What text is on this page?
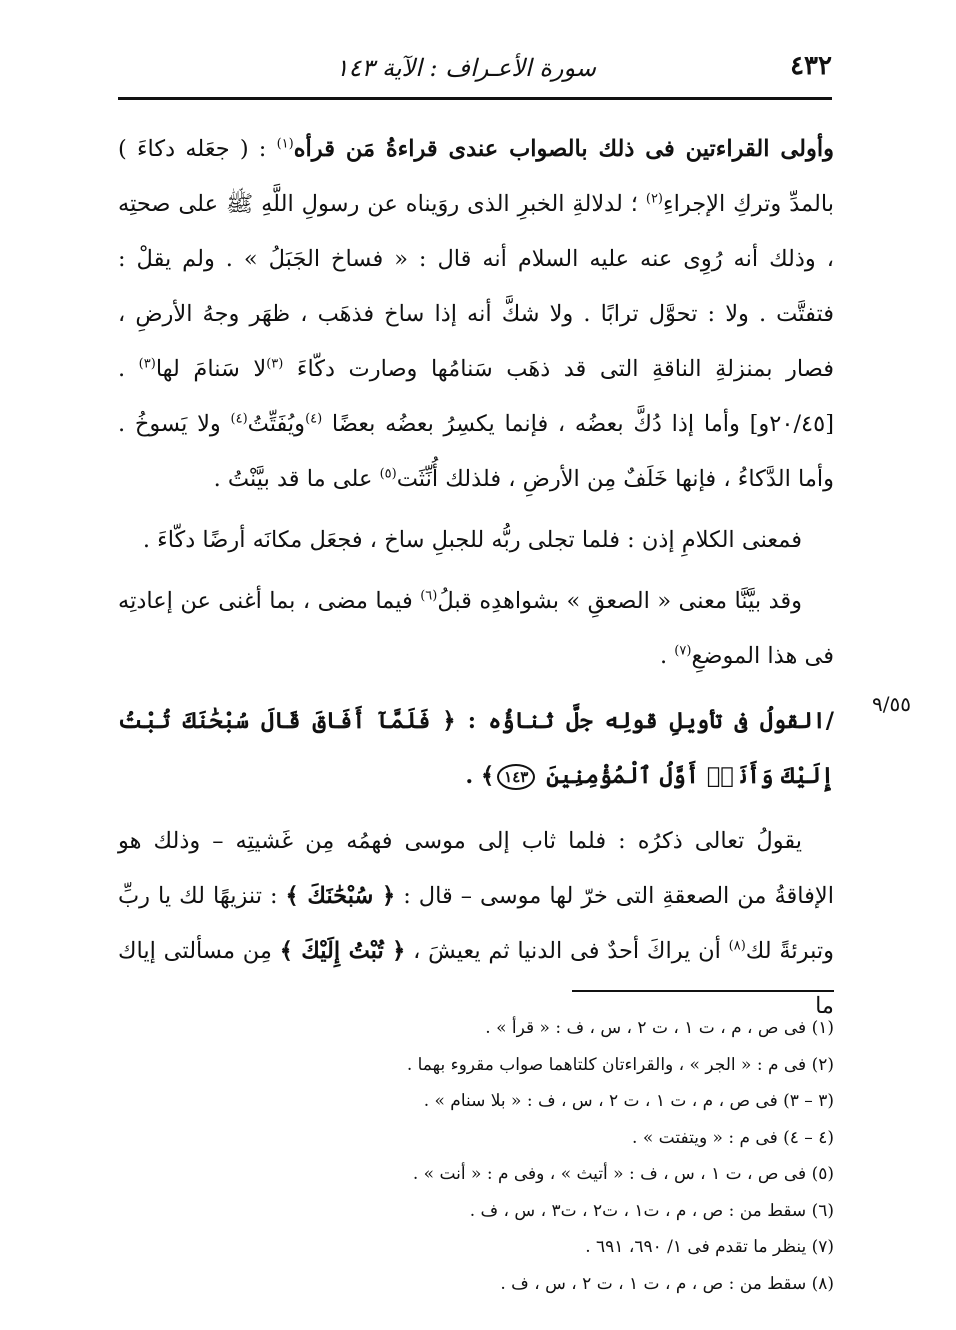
٤٣٢
سورة الأعـراف : الآية ١٤٣
٩/٥٥

وأولى القراءتين فى ذلك بالصواب عندى قراءةُ مَن قرأه$^{(١)}$ : ( جعَله دكاءَ ) بالمدِّ وتركِ الإجراءِ$^{(٢)}$ ؛ لدلالةِ الخبرِ الذى روَيناه عن رسولِ اللَّهِ ﷺ على صحتِه ، وذلك أنه رُوِى عنه عليه السلام أنه قال : « فساخ الجَبَلُ » . ولم يقلْ : فتفتَّت . ولا : تحوَّل ترابًا . ولا شكَّ أنه إذا ساخ فذهَب ، ظهَر وجهُ الأرضِ ، فصار بمنزلةِ الناقةِ التى قد ذهَب سَنامُها وصارت دكّاءَ $^{(٣)}$لا سَنامَ لها$^{(٣)}$ . [٢٠/٤٥و] وأما إذا دُكَّ بعضُه ، فإنما يكسِرُ بعضُه بعضًا $^{(٤)}$ويُفَتِّتُ$^{(٤)}$ ولا يَسوخُ . وأما الدَّكاءُ ، فإنها خَلَفٌ مِن الأرضِ ، فلذلك أُنِّثَت$^{(٥)}$ على ما قد بيَّنْتُ .

فمعنى الكلامِ إذن : فلما تجلى ربُّه للجبلِ ساخ ، فجعَل مكانَه أرضًا دكّاءَ .

وقد بيَّنَّا معنى « الصعقِ » بشواهدِه قبلُ$^{(٦)}$ فيما مضى ، بما أغنى عن إعادتِه فى هذا الموضعِ$^{(٧)}$ .

/القولُ فى تأويلِ قولِه جلَّ ثناؤُه : ﴿ فَلَمَّآ أَفَاقَ قَالَ سُبْحَٰنَكَ تُبْتُ إِلَيْكَ وَأَنَا۠ أَوَّلُ ٱلْمُؤْمِنِينَ ١٤٣﴾ .

يقولُ تعالى ذكرُه : فلما ثاب إلى موسى فهمُه مِن غَشيتِه – وذلك هو الإفاقةُ من الصعقةِ التى خرّ لها موسى – قال : ﴿ سُبْحَٰنَكَ ﴾ : تنزيهًا لك يا ربِّ وتبرئةً لك$^{(٨)}$ أن يراكَ أحدٌ فى الدنيا ثم يعيشَ ، ﴿ تُبْتُ إِلَيْكَ ﴾ مِن مسألتى إياك ما

(١) فى ص ، م ، ت ١ ، ت ٢ ، س ، ف : « قرأ » .

(٢) فى م : « الجر » ، والقراءتان كلتاهما صواب مقروء بهما .

(٣ – ٣) فى ص ، م ، ت ١ ، ت ٢ ، س ، ف : « بلا سنام » .

(٤ – ٤) فى م : « ويتفتت » .

(٥) فى ص ، ت ١ ، س ، ف : « أتيث » ، وفى م : « أنت » .

(٦) سقط من : ص ، م ، ت١ ، ت٢ ، ت٣ ، س ، ف .

(٧) ينظر ما تقدم فى ١/ ٦٩٠، ٦٩١ .

(٨) سقط من : ص ، م ، ت ١ ، ت ٢ ، س ، ف .
